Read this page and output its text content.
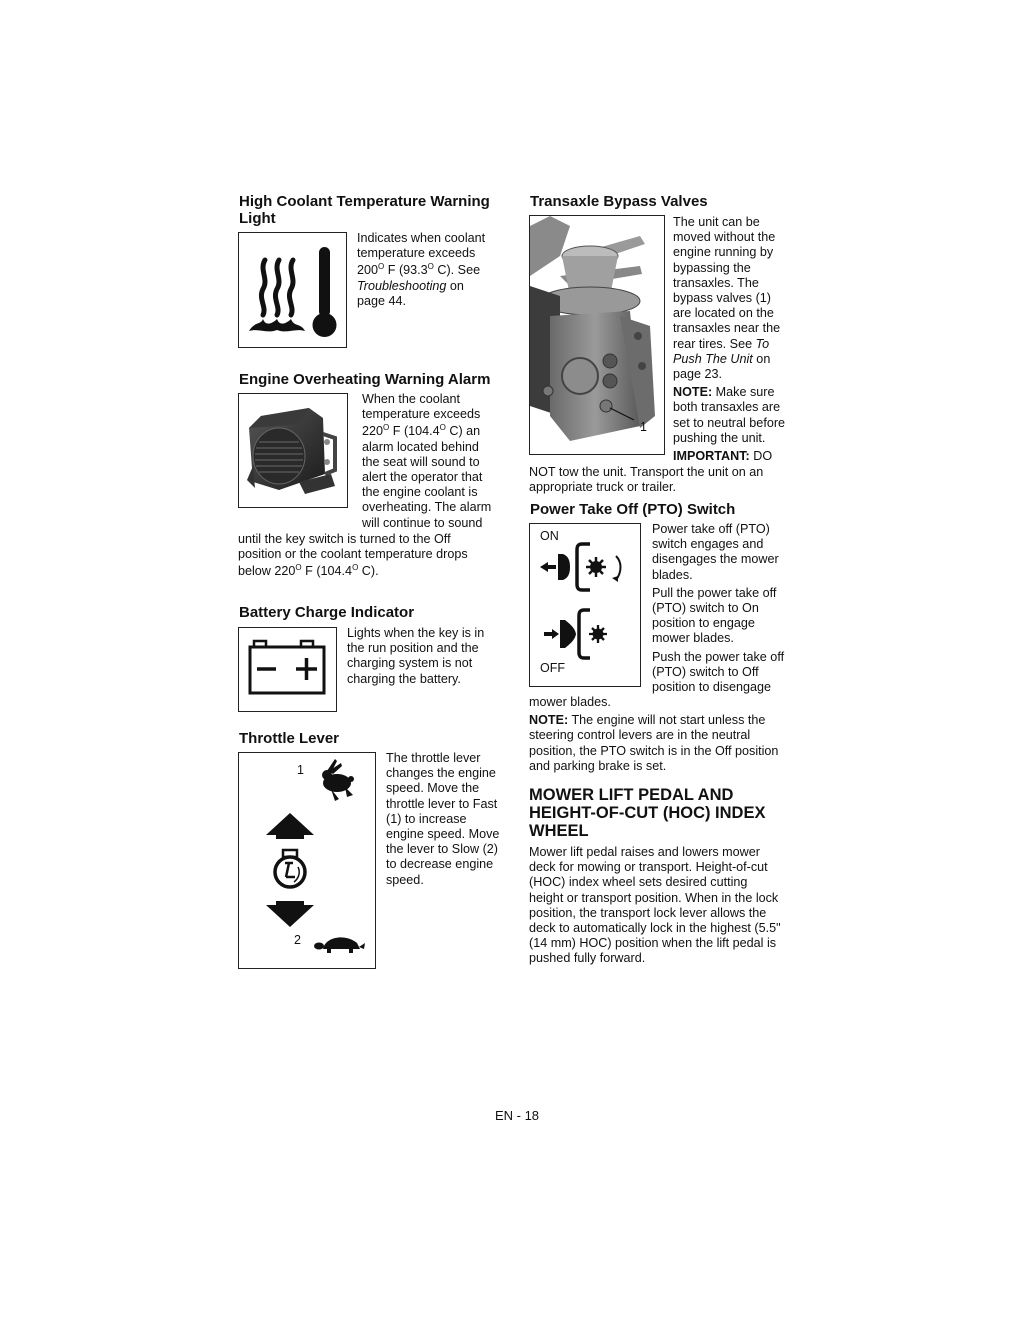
High Coolant Temperature Warning
Light
Indicates when coolant
temperature exceeds
$200^O$ F ($93.3^O$ C). See
Troubleshooting on
page 44.
Engine Overheating Warning Alarm
When the coolant
temperature exceeds
$220^O$ F ($104.4^O$ C) an
alarm located behind
the seat will sound to
alert the operator that
the engine coolant is
overheating. The alarm
will continue to sound
until the key switch is turned to the Off
position or the coolant temperature drops
below $220^O$ F ($104.4^O$ C).
Battery Charge Indicator
Lights when the key is in
the run position and the
charging system is not
charging the battery.
Throttle Lever
1
2
The throttle lever
changes the engine
speed. Move the
throttle lever to Fast
(1) to increase
engine speed. Move
the lever to Slow (2)
to decrease engine
speed.
Transaxle Bypass Valves
1
The unit can be
moved without the
engine running by
bypassing the
transaxles. The
bypass valves (1)
are located on the
transaxles near the
rear tires. See To
Push The Unit on
page 23.
NOTE: Make sure
both transaxles are
set to neutral before
pushing the unit.
IMPORTANT: DO
NOT tow the unit. Transport the unit on an
appropriate truck or trailer.
Power Take Off (PTO) Switch
ON
OFF
Power take off (PTO)
switch engages and
disengages the mower
blades.
Pull the power take off
(PTO) switch to On
position to engage
mower blades.
Push the power take off
(PTO) switch to Off
position to disengage
mower blades.
NOTE: The engine will not start unless the
steering control levers are in the neutral
position, the PTO switch is in the Off position
and parking brake is set.
MOWER LIFT PEDAL AND
HEIGHT-OF-CUT (HOC) INDEX
WHEEL
Mower lift pedal raises and lowers mower
deck for mowing or transport. Height-of-cut
(HOC) index wheel sets desired cutting
height or transport position. When in the lock
position, the transport lock lever allows the
deck to automatically lock in the highest (5.5"
(14 mm) HOC) position when the lift pedal is
pushed fully forward.
EN - 18
